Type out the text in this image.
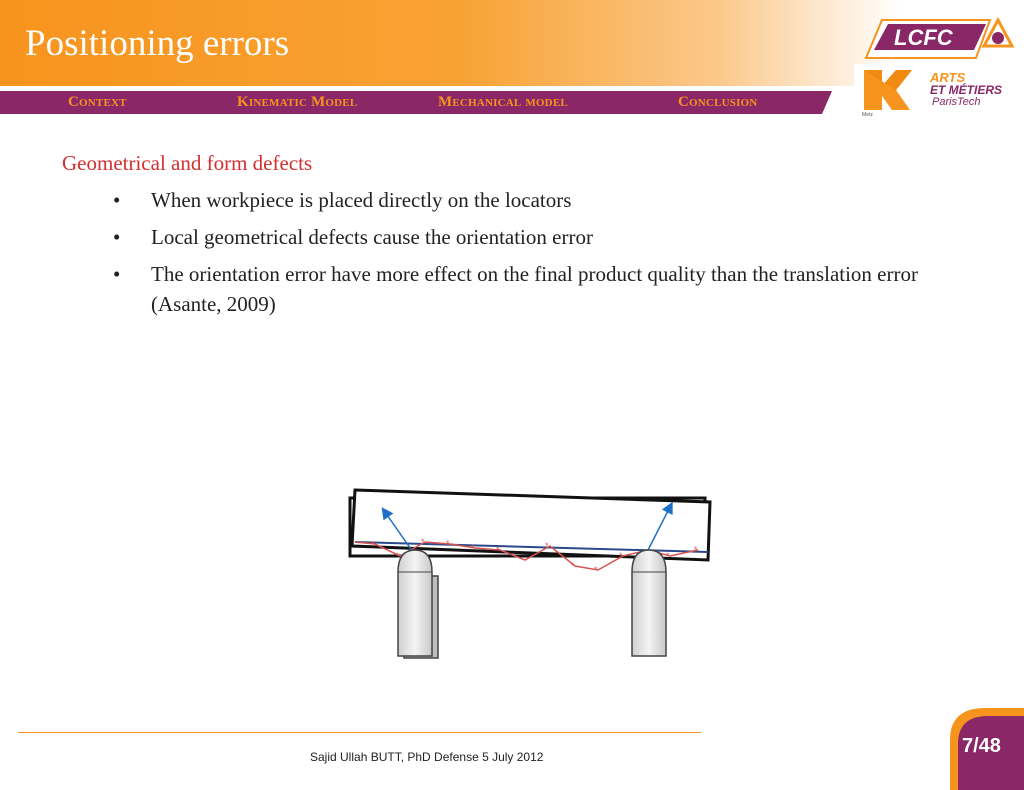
Positioning errors
Context	Kinematic Model	Mechanical model	Conclusion
LCFC
Conception Fabrication Commande
ARTS
ET MÉTIERS
ParisTech
Metz
Geometrical and form defects
• When workpiece is placed directly on the locators
• Local geometrical defects cause the orientation error
• The orientation error have more effect on the final product quality than the translation error (Asante, 2009)
*
*
* * * *	*
* *
*	*
*
Sajid Ullah BUTT, PhD Defense 5 July 2012	7/48
